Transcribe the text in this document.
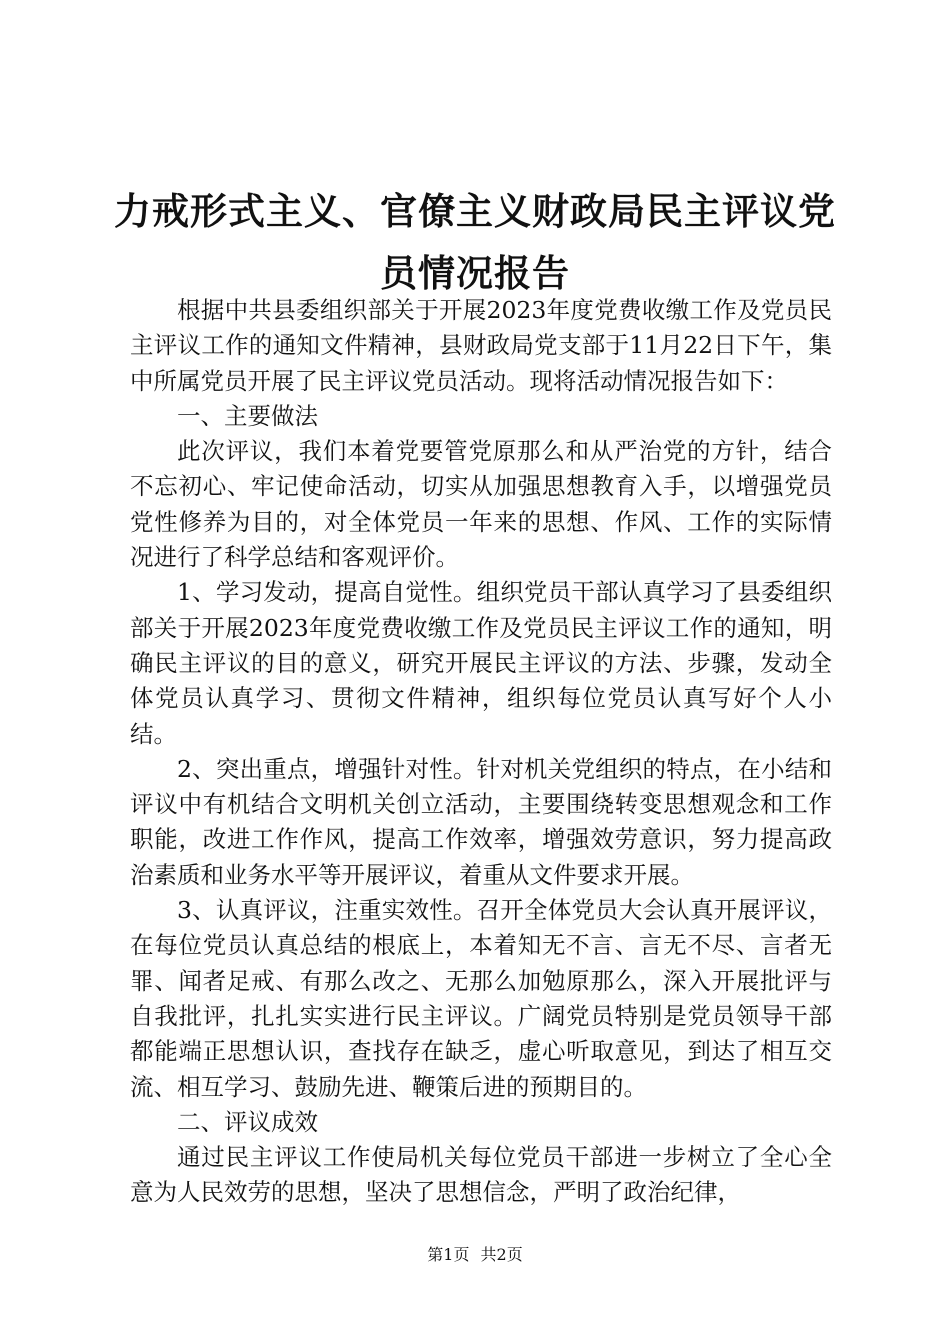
力戒形式主义、官僚主义财政局民主评议党员情况报告

根据中共县委组织部关于开展2023年度党费收缴工作及党员民主评议工作的通知文件精神，县财政局党支部于11月22日下午，集中所属党员开展了民主评议党员活动。现将活动情况报告如下：

一、主要做法

此次评议，我们本着党要管党原那么和从严治党的方针，结合不忘初心、牢记使命活动，切实从加强思想教育入手，以增强党员党性修养为目的，对全体党员一年来的思想、作风、工作的实际情况进行了科学总结和客观评价。

1、学习发动，提高自觉性。组织党员干部认真学习了县委组织部关于开展2023年度党费收缴工作及党员民主评议工作的通知，明确民主评议的目的意义，研究开展民主评议的方法、步骤，发动全体党员认真学习、贯彻文件精神，组织每位党员认真写好个人小结。

2、突出重点，增强针对性。针对机关党组织的特点，在小结和评议中有机结合文明机关创立活动，主要围绕转变思想观念和工作职能，改进工作作风，提高工作效率，增强效劳意识，努力提高政治素质和业务水平等开展评议，着重从文件要求开展。

3、认真评议，注重实效性。召开全体党员大会认真开展评议，在每位党员认真总结的根底上，本着知无不言、言无不尽、言者无罪、闻者足戒、有那么改之、无那么加勉原那么，深入开展批评与自我批评，扎扎实实进行民主评议。广阔党员特别是党员领导干部都能端正思想认识，查找存在缺乏，虚心听取意见，到达了相互交流、相互学习、鼓励先进、鞭策后进的预期目的。

二、评议成效

通过民主评议工作使局机关每位党员干部进一步树立了全心全意为人民效劳的思想，坚决了思想信念，严明了政治纪律，

第1页 共2页
